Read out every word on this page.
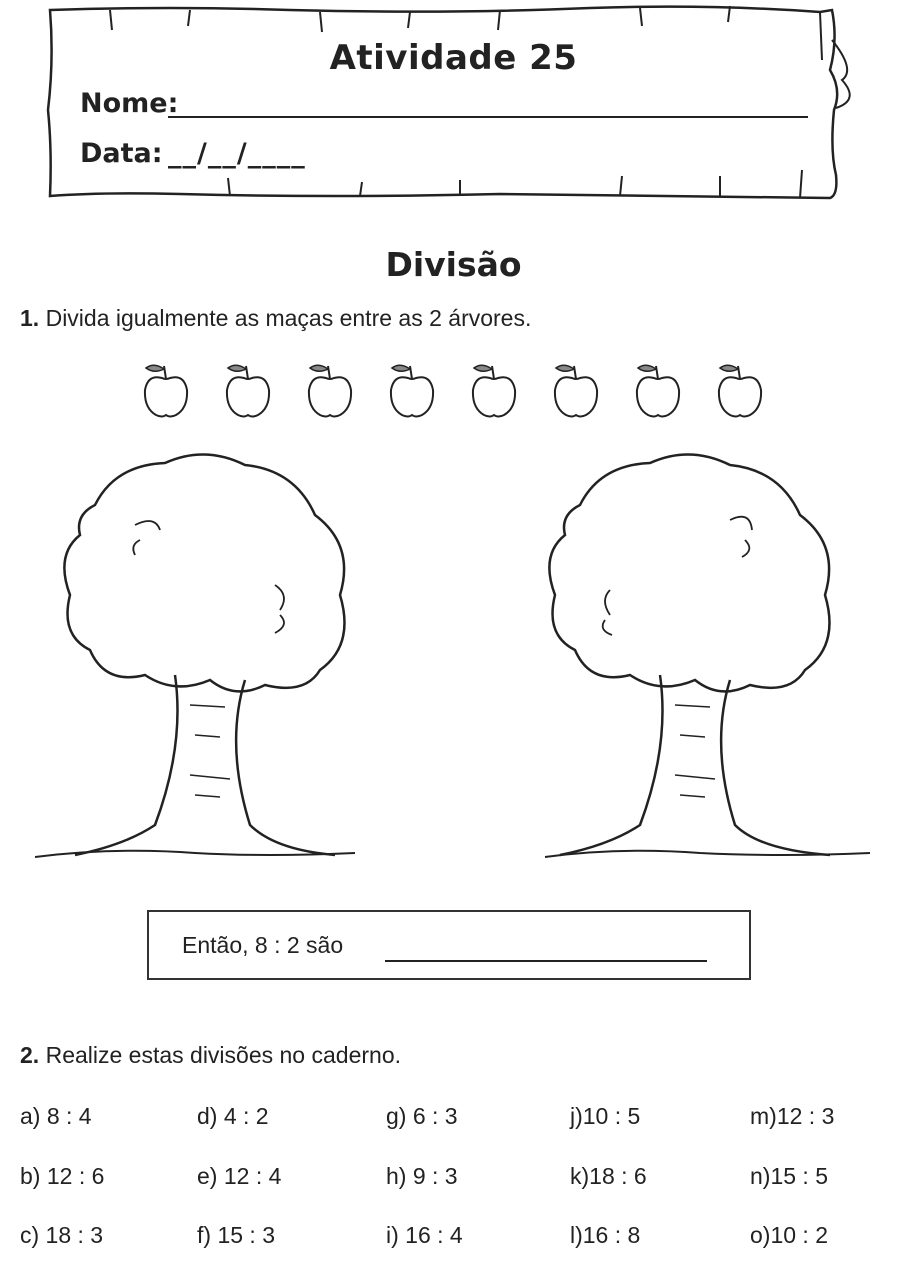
Atividade 25
Nome:
Data: __/__/____
Divisão
1. Divida igualmente as maças entre as 2 árvores.
Então, 8 : 2 são
2. Realize estas divisões no caderno.
a) 8 : 4	d) 4 : 2	g) 6 : 3	j)10 : 5	m)12 : 3
b) 12 : 6	e) 12 : 4	h) 9 : 3	k)18 : 6	n)15 : 5
c) 18 : 3	f) 15 : 3	i) 16 : 4	l)16 : 8	o)10 : 2
